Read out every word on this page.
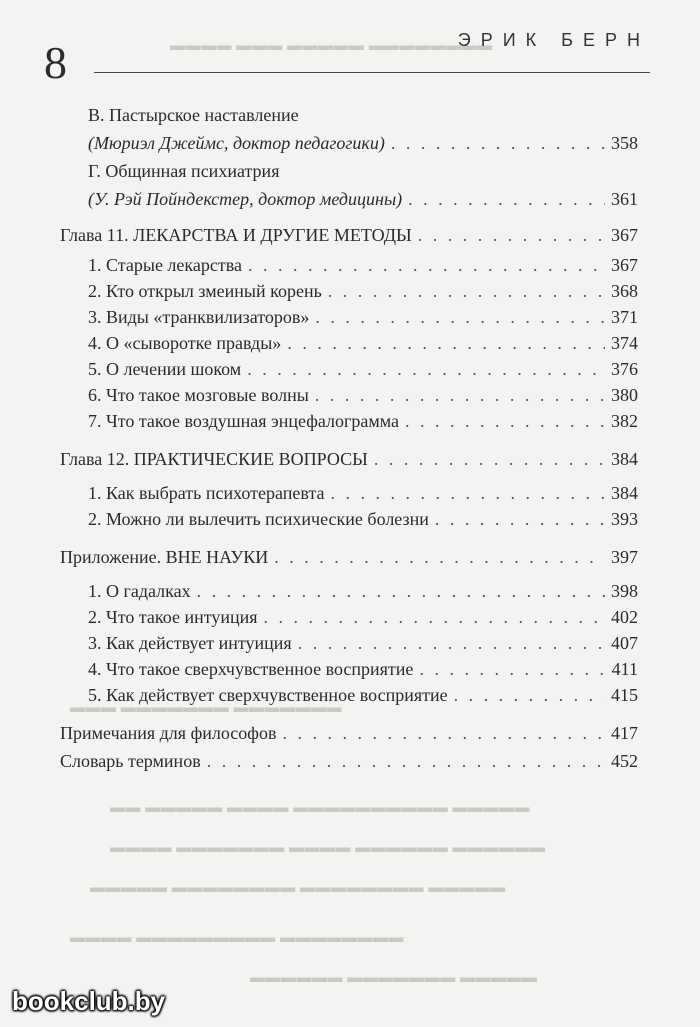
▬▬▬▬ ▬▬▬ ▬▬▬▬▬ ▬▬▬▬▬▬▬▬
▬▬▬ ▬▬▬▬▬▬▬ ▬▬▬▬▬▬▬
▬▬ ▬▬▬▬▬ ▬▬▬▬ ▬▬▬▬▬▬▬▬▬▬ ▬▬▬▬▬
▬▬▬▬ ▬▬▬▬▬▬▬ ▬▬▬▬ ▬▬▬▬▬▬ ▬▬▬▬▬▬
▬▬▬▬▬ ▬▬▬▬▬▬▬▬ ▬▬▬▬▬▬▬▬ ▬▬▬▬▬
▬▬▬▬ ▬▬▬▬▬▬▬▬▬ ▬▬▬▬▬▬▬▬
▬▬▬▬▬▬ ▬▬▬▬▬▬▬ ▬▬▬▬▬
8	ЭРИК БЕРН
В. Пастырское наставление
(Мюриэл Джеймс, доктор педагогики) . . .	358
Г. Общинная психиатрия
(У. Рэй Пойндекстер, доктор медицины) . . .	361
Глава 11. ЛЕКАРСТВА И ДРУГИЕ МЕТОДЫ . . .	367
1. Старые лекарства . . .	367
2. Кто открыл змеиный корень . . .	368
3. Виды «транквилизаторов» . . .	371
4. О «сыворотке правды» . . .	374
5. О лечении шоком . . .	376
6. Что такое мозговые волны . . .	380
7. Что такое воздушная энцефалограмма . . .	382
Глава 12. ПРАКТИЧЕСКИЕ ВОПРОСЫ . . .	384
1. Как выбрать психотерапевта . . .	384
2. Можно ли вылечить психические болезни . . .	393
Приложение. ВНЕ НАУКИ . . .	397
1. О гадалках . . .	398
2. Что такое интуиция . . .	402
3. Как действует интуиция . . .	407
4. Что такое сверхчувственное восприятие . . .	411
5. Как действует сверхчувственное восприятие . . .	415
Примечания для философов . . .	417
Словарь терминов . . .	452
bookclub.by
